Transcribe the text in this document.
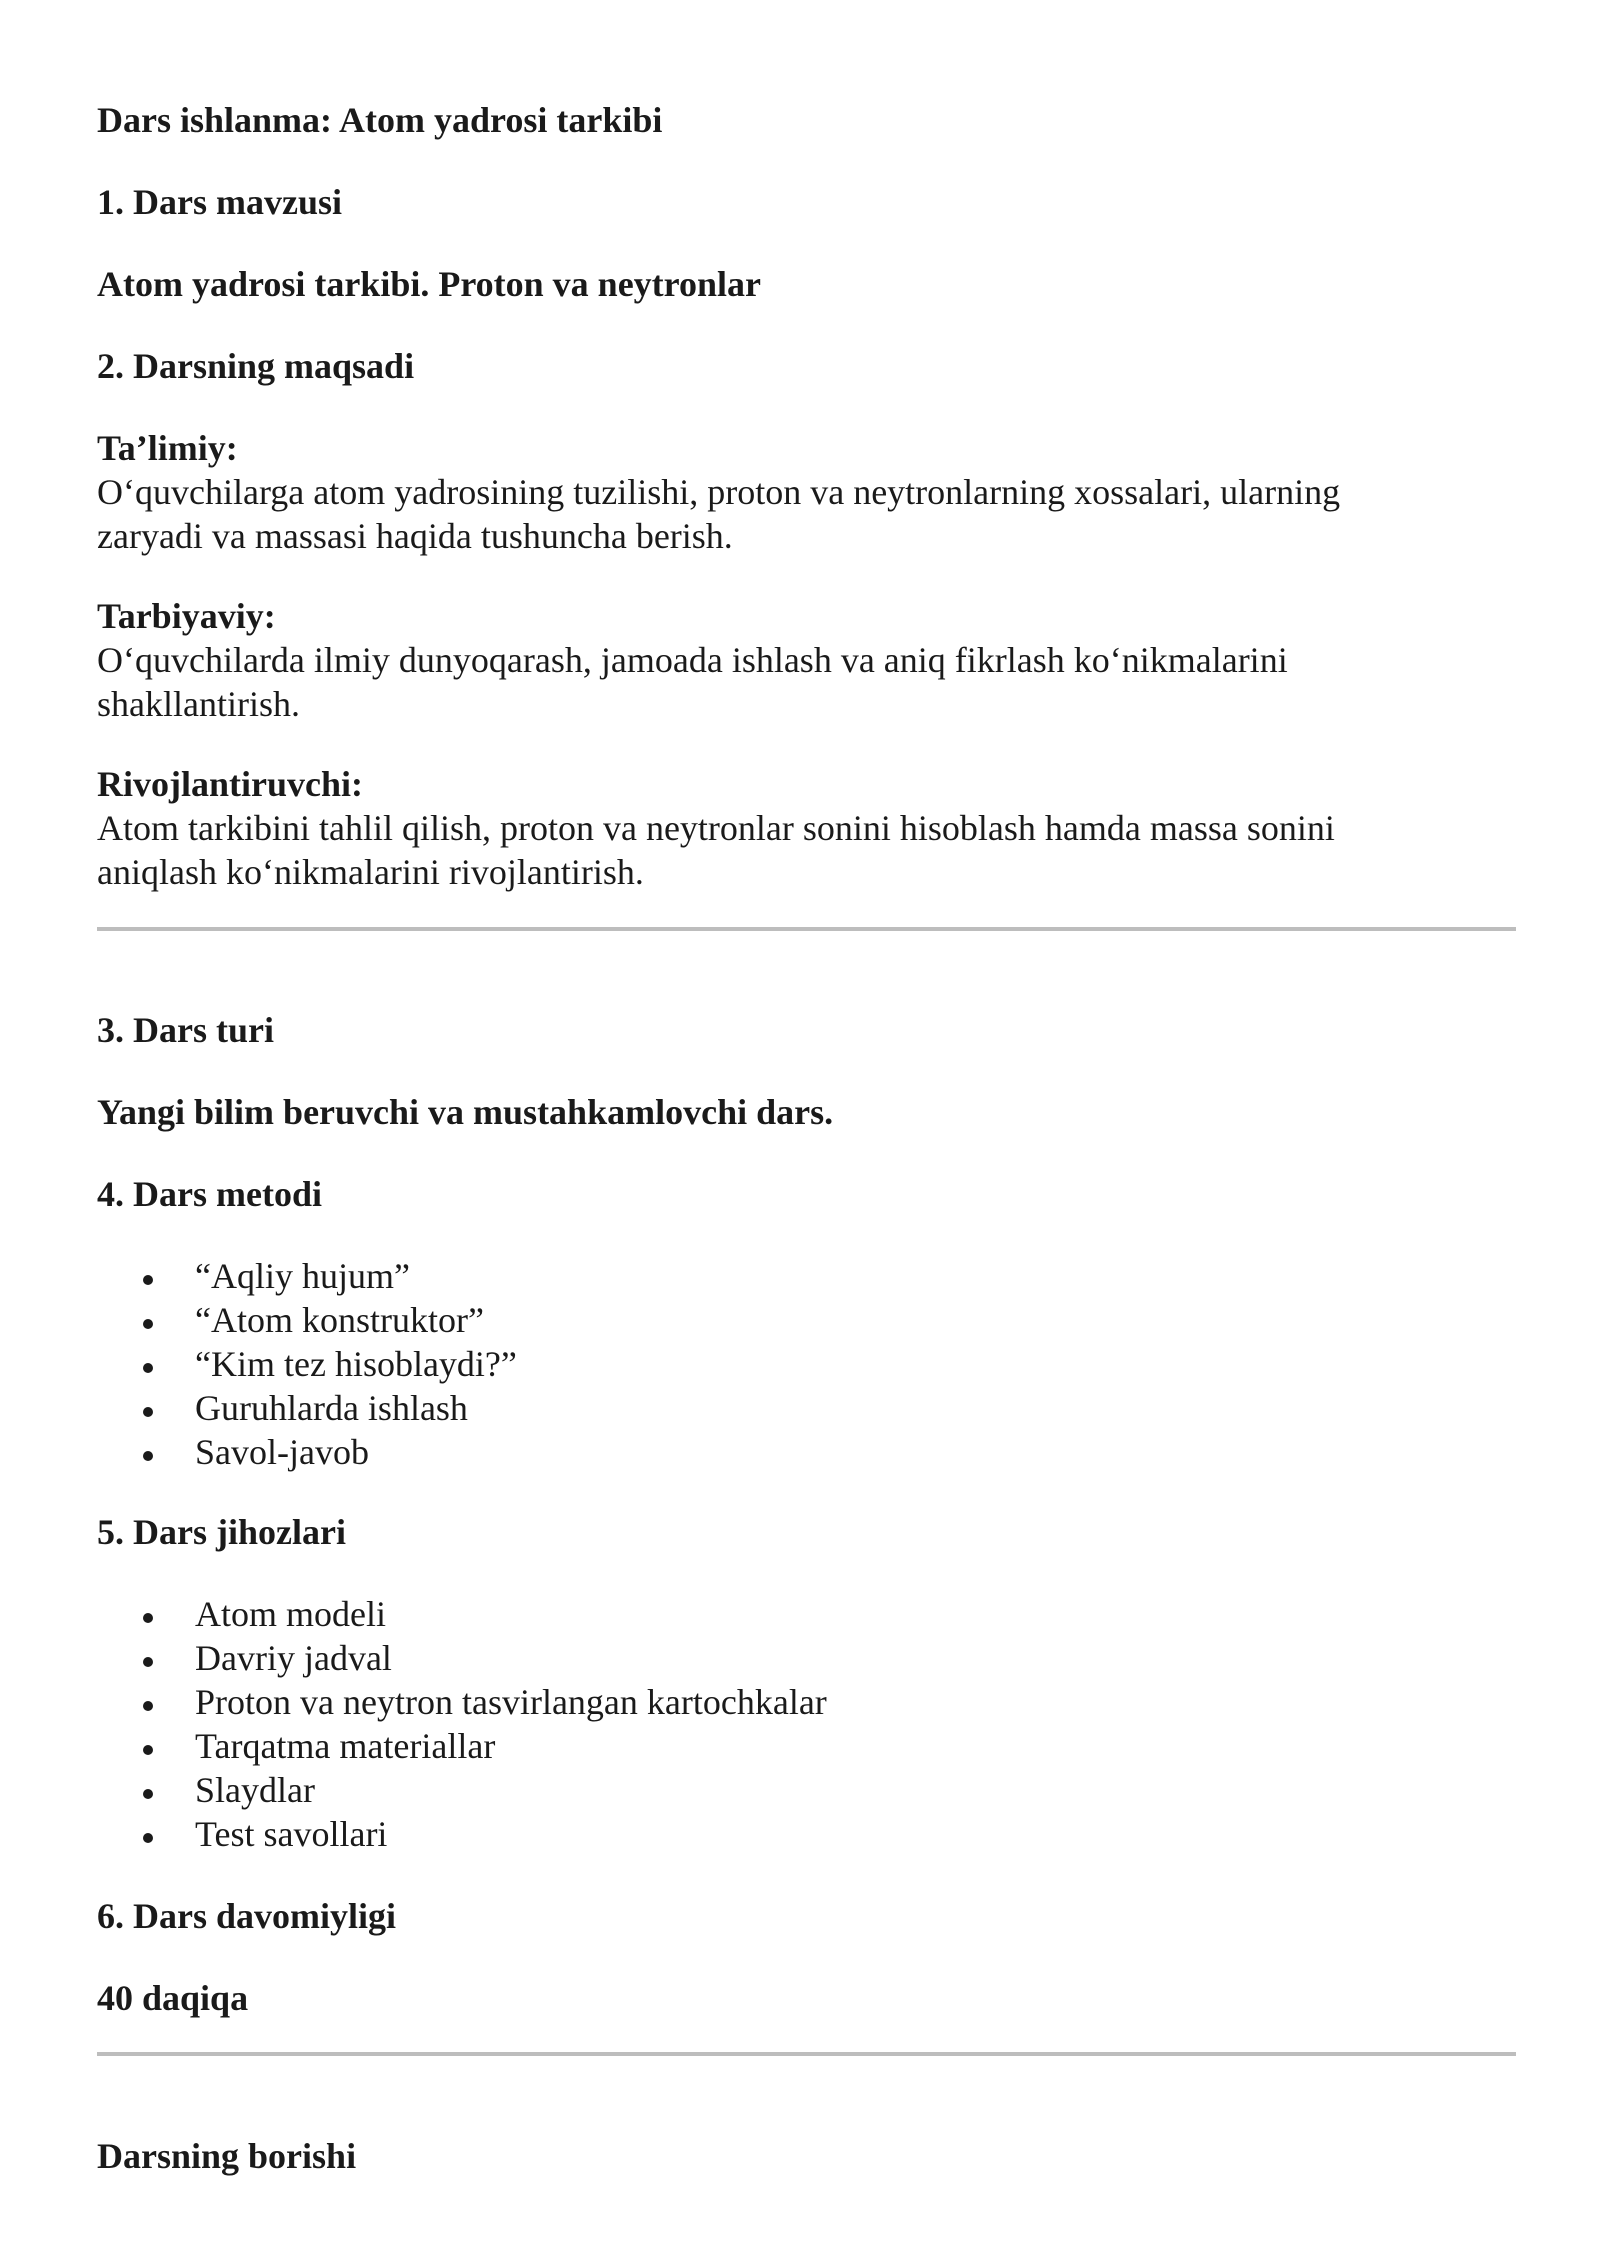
Dars ishlanma: Atom yadrosi tarkibi
1. Dars mavzusi
Atom yadrosi tarkibi. Proton va neytronlar
2. Darsning maqsadi
Ta’limiy:
O‘quvchilarga atom yadrosining tuzilishi, proton va neytronlarning xossalari, ularning
zaryadi va massasi haqida tushuncha berish.
Tarbiyaviy:
O‘quvchilarda ilmiy dunyoqarash, jamoada ishlash va aniq fikrlash ko‘nikmalarini
shakllantirish.
Rivojlantiruvchi:
Atom tarkibini tahlil qilish, proton va neytronlar sonini hisoblash hamda massa sonini
aniqlash ko‘nikmalarini rivojlantirish.
3. Dars turi
Yangi bilim beruvchi va mustahkamlovchi dars.
4. Dars metodi
“Aqliy hujum”
“Atom konstruktor”
“Kim tez hisoblaydi?”
Guruhlarda ishlash
Savol-javob
5. Dars jihozlari
Atom modeli
Davriy jadval
Proton va neytron tasvirlangan kartochkalar
Tarqatma materiallar
Slaydlar
Test savollari
6. Dars davomiyligi
40 daqiqa
Darsning borishi
